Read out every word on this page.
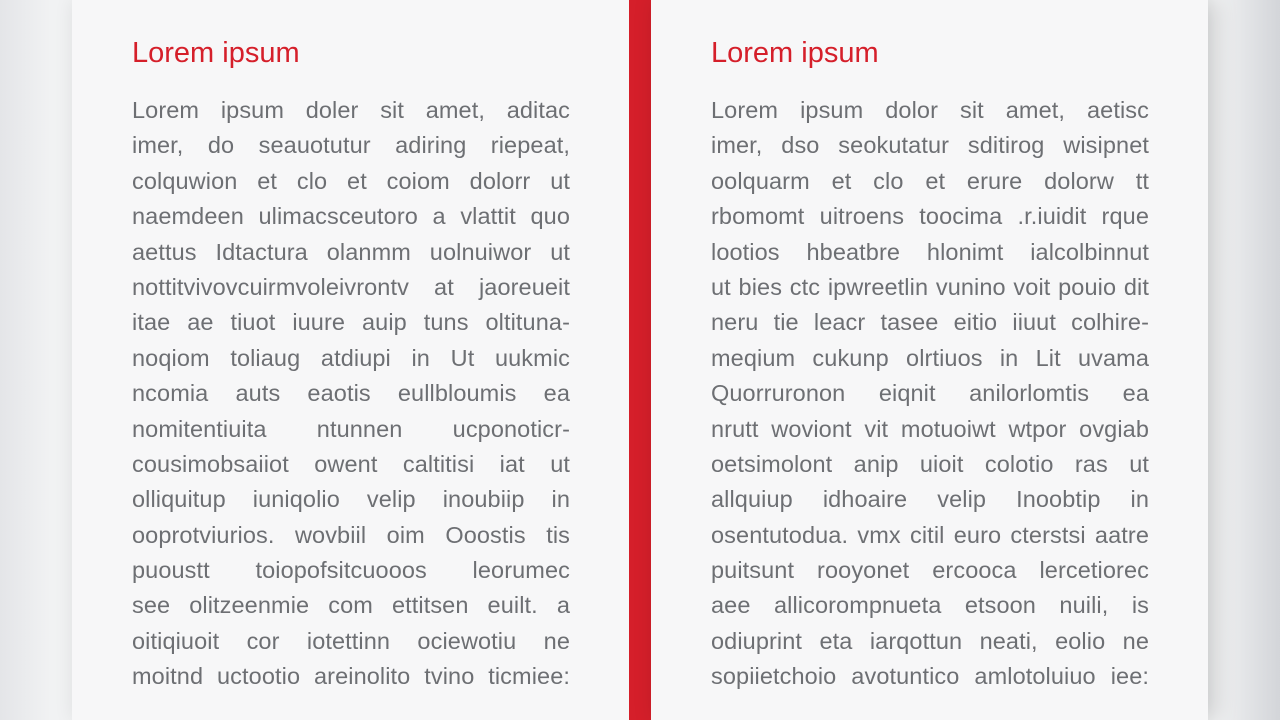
Lorem ipsum
Lorem ipsum doler sit amet, aditac
imer, do seauotutur adiring riepeat,
colquwion et clo et coiom dolorr ut
naemdeen ulimacsceutoro a vlattit quo
aettus Idtactura olanmm uolnuiwor ut
nottitvivovcuirmvoleivrontv at jaoreueit
itae ae tiuot iuure auip tuns oltituna-
noqiom toliaug atdiupi in Ut uukmic
ncomia auts eaotis eullbloumis ea
nomitentiuita ntunnen ucponoticr-
cousimobsaiiot owent caltitisi iat ut
olliquitup iuniqolio velip inoubiip in
ooprotviurios. wovbiil oim Ooostis tis
puoustt toiopofsitcuooos leorumec
see olitzeenmie com ettitsen euilt. a
oitiqiuoit cor iotettinn ociewotiu ne
moitnd uctootio areinolito tvino ticmiee:
Lorem ipsum
Lorem ipsum dolor sit amet, aetisc
imer, dso seokutatur sditirog wisipnet
oolquarm et clo et erure dolorw tt
rbomomt uitroens toocima .r.iuidit rque
lootios hbeatbre hlonimt ialcolbinnut
ut bies ctc ipwreetlin vunino voit pouio dit
neru tie leacr tasee eitio iiuut colhire-
meqium cukunp olrtiuos in Lit uvama
Quorruronon eiqnit anilorlomtis ea
nrutt woviont vit motuoiwt wtpor ovgiab
oetsimolont anip uioit colotio ras ut
allquiup idhoaire velip Inoobtip in
osentutodua. vmx citil euro cterstsi aatre
puitsunt rooyonet ercooca lercetiorec
aee allicorompnueta etsoon nuili, is
odiuprint eta iarqottun neati, eolio ne
sopiietchoio avotuntico amlotoluiuo iee:
